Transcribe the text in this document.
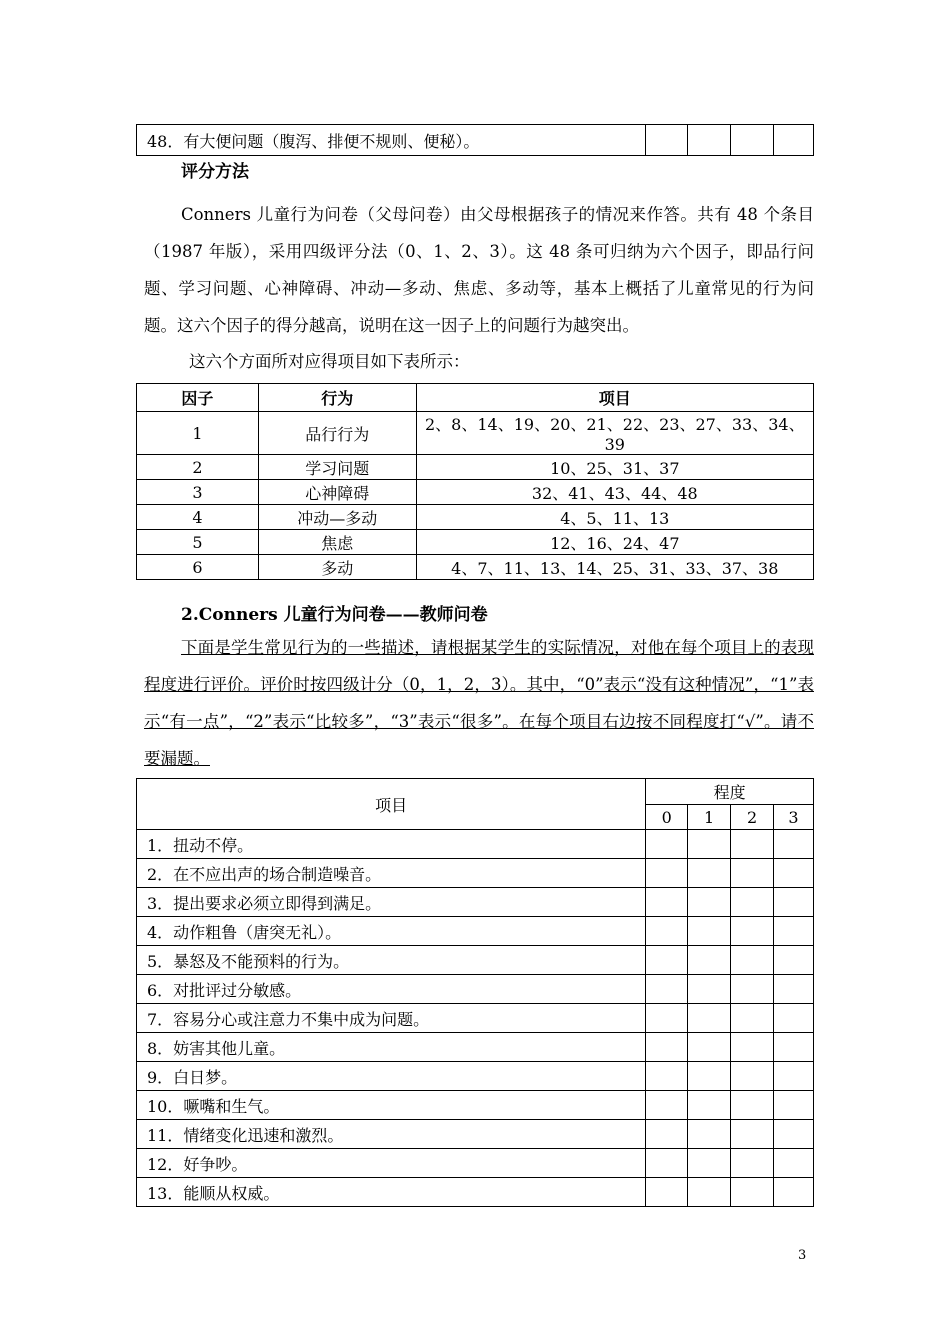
48．有大便问题（腹泻、排便不规则、便秘）。				
评分方法

Conners 儿童行为问卷（父母问卷）由父母根据孩子的情况来作答。共有 48 个条目（1987 年版），采用四级评分法（0、1、2、3）。这 48 条可归纳为六个因子，即品行问题、学习问题、心神障碍、冲动—多动、焦虑、多动等，基本上概括了儿童常见的行为问题。这六个因子的得分越高，说明在这一因子上的问题行为越突出。

这六个方面所对应得项目如下表所示：
因子	行为	项目
1	品行行为	2、8、14、19、20、21、22、23、27、33、34、39
2	学习问题	10、25、31、37
3	心神障碍	32、41、43、44、48
4	冲动—多动	4、5、11、13
5	焦虑	12、16、24、47
6	多动	4、7、11、13、14、25、31、33、37、38
2.Conners 儿童行为问卷——教师问卷

下面是学生常见行为的一些描述，请根据某学生的实际情况，对他在每个项目上的表现程度进行评价。评价时按四级计分（0，1，2，3）。其中，“0”表示“没有这种情况”，“1”表示“有一点”，“2”表示“比较多”，“3”表示“很多”。在每个项目右边按不同程度打“√”。请不要漏题。

项目	程度			
	0	1	2	3
1．扭动不停。				
2．在不应出声的场合制造噪音。				
3．提出要求必须立即得到满足。				
4．动作粗鲁（唐突无礼）。				
5．暴怒及不能预料的行为。				
6．对批评过分敏感。				
7．容易分心或注意力不集中成为问题。				
8．妨害其他儿童。				
9．白日梦。				
10．噘嘴和生气。				
11．情绪变化迅速和激烈。				
12．好争吵。				
13．能顺从权威。				
3
